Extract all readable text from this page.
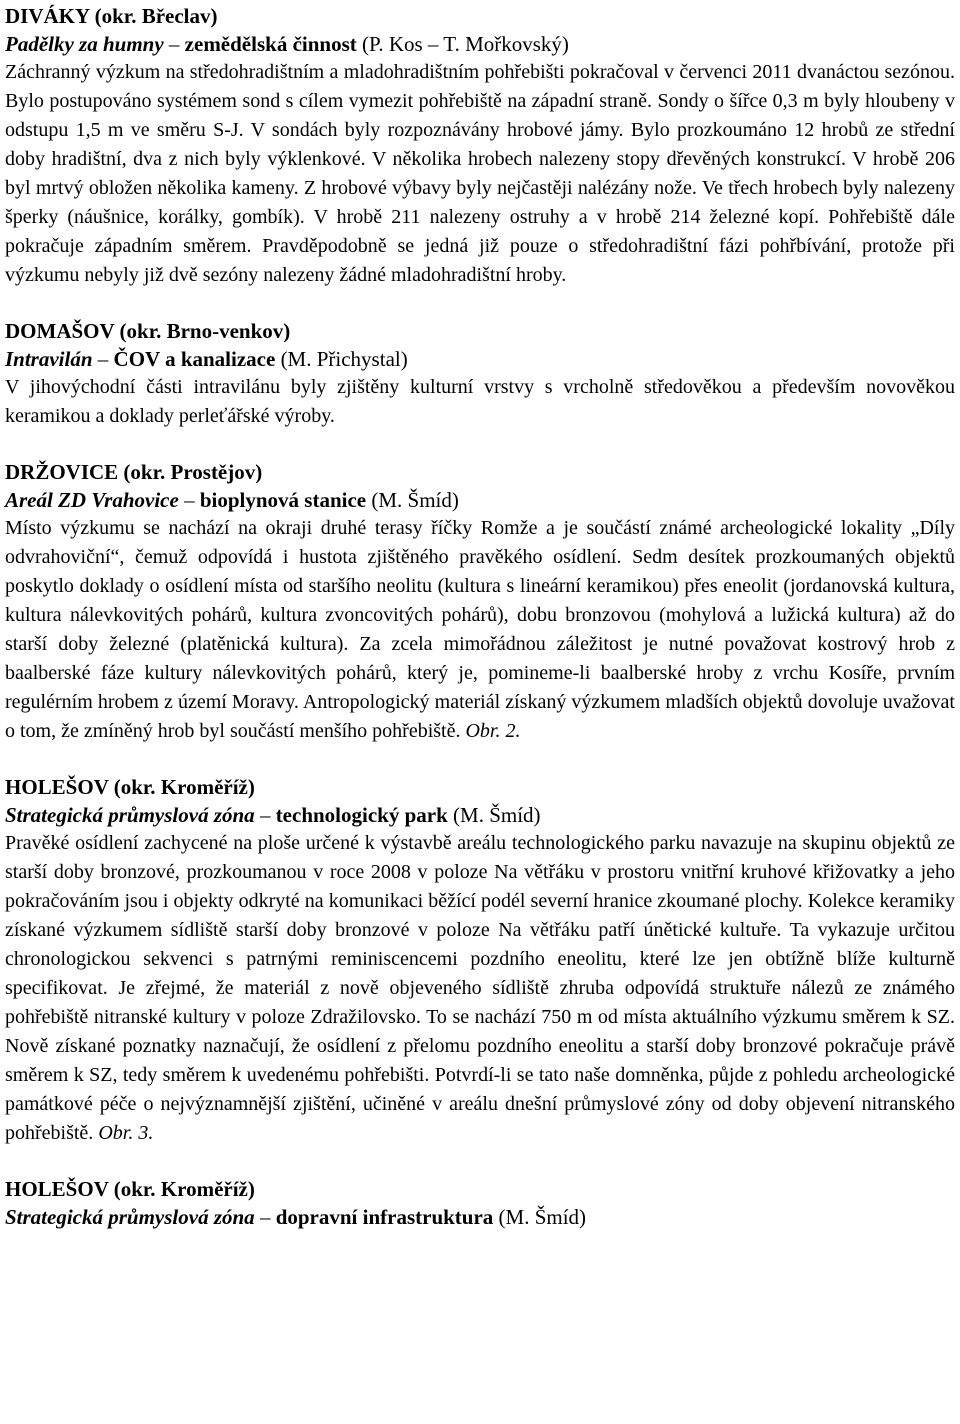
DIVÁKY (okr. Břeclav)

Padělky za humny – zemědělská činnost (P. Kos – T. Mořkovský)

Záchranný výzkum na středohradištním a mladohradištním pohřebišti pokračoval v červenci 2011 dvanáctou sezónou. Bylo postupováno systémem sond s cílem vymezit pohřebiště na západní straně. Sondy o šířce 0,3 m byly hloubeny v odstupu 1,5 m ve směru S-J. V sondách byly rozpoznávány hrobové jámy. Bylo prozkoumáno 12 hrobů ze střední doby hradištní, dva z nich byly výklenkové. V několika hrobech nalezeny stopy dřevěných konstrukcí. V hrobě 206 byl mrtvý obložen několika kameny. Z hrobové výbavy byly nejčastěji nalézány nože. Ve třech hrobech byly nalezeny šperky (náušnice, korálky, gombík). V hrobě 211 nalezeny ostruhy a v hrobě 214 železné kopí. Pohřebiště dále pokračuje západním směrem. Pravděpodobně se jedná již pouze o středohradištní fázi pohřbívání, protože při výzkumu nebyly již dvě sezóny nalezeny žádné mladohradištní hroby.

DOMAŠOV (okr. Brno-venkov)

Intravilán – ČOV a kanalizace (M. Přichystal)

V jihovýchodní části intravilánu byly zjištěny kulturní vrstvy s vrcholně středověkou a především novověkou keramikou a doklady perleťářské výroby.

DRŽOVICE (okr. Prostějov)

Areál ZD Vrahovice – bioplynová stanice (M. Šmíd)

Místo výzkumu se nachází na okraji druhé terasy říčky Romže a je součástí známé archeologické lokality „Díly odvrahoviční“, čemuž odpovídá i hustota zjištěného pravěkého osídlení. Sedm desítek prozkoumaných objektů poskytlo doklady o osídlení místa od staršího neolitu (kultura s lineární keramikou) přes eneolit (jordanovská kultura, kultura nálevkovitých pohárů, kultura zvoncovitých pohárů), dobu bronzovou (mohylová a lužická kultura) až do starší doby železné (platěnická kultura). Za zcela mimořádnou záležitost je nutné považovat kostrový hrob z baalberské fáze kultury nálevkovitých pohárů, který je, pomineme-li baalberské hroby z vrchu Kosíře, prvním regulérním hrobem z území Moravy. Antropologický materiál získaný výzkumem mladších objektů dovoluje uvažovat o tom, že zmíněný hrob byl součástí menšího pohřebiště. Obr. 2.

HOLEŠOV (okr. Kroměříž)

Strategická průmyslová zóna – technologický park (M. Šmíd)

Pravěké osídlení zachycené na ploše určené k výstavbě areálu technologického parku navazuje na skupinu objektů ze starší doby bronzové, prozkoumanou v roce 2008 v poloze Na větřáku v prostoru vnitřní kruhové křižovatky a jeho pokračováním jsou i objekty odkryté na komunikaci běžící podél severní hranice zkoumané plochy. Kolekce keramiky získané výzkumem sídliště starší doby bronzové v poloze Na větřáku patří únětické kultuře. Ta vykazuje určitou chronologickou sekvenci s patrnými reminiscencemi pozdního eneolitu, které lze jen obtížně blíže kulturně specifikovat. Je zřejmé, že materiál z nově objeveného sídliště zhruba odpovídá struktuře nálezů ze známého pohřebiště nitranské kultury v poloze Zdražilovsko. To se nachází 750 m od místa aktuálního výzkumu směrem k SZ. Nově získané poznatky naznačují, že osídlení z přelomu pozdního eneolitu a starší doby bronzové pokračuje právě směrem k SZ, tedy směrem k uvedenému pohřebišti. Potvrdí-li se tato naše domněnka, půjde z pohledu archeologické památkové péče o nejvýznamnější zjištění, učiněné v areálu dnešní průmyslové zóny od doby objevení nitranského pohřebiště. Obr. 3.

HOLEŠOV (okr. Kroměříž)

Strategická průmyslová zóna – dopravní infrastruktura (M. Šmíd)
